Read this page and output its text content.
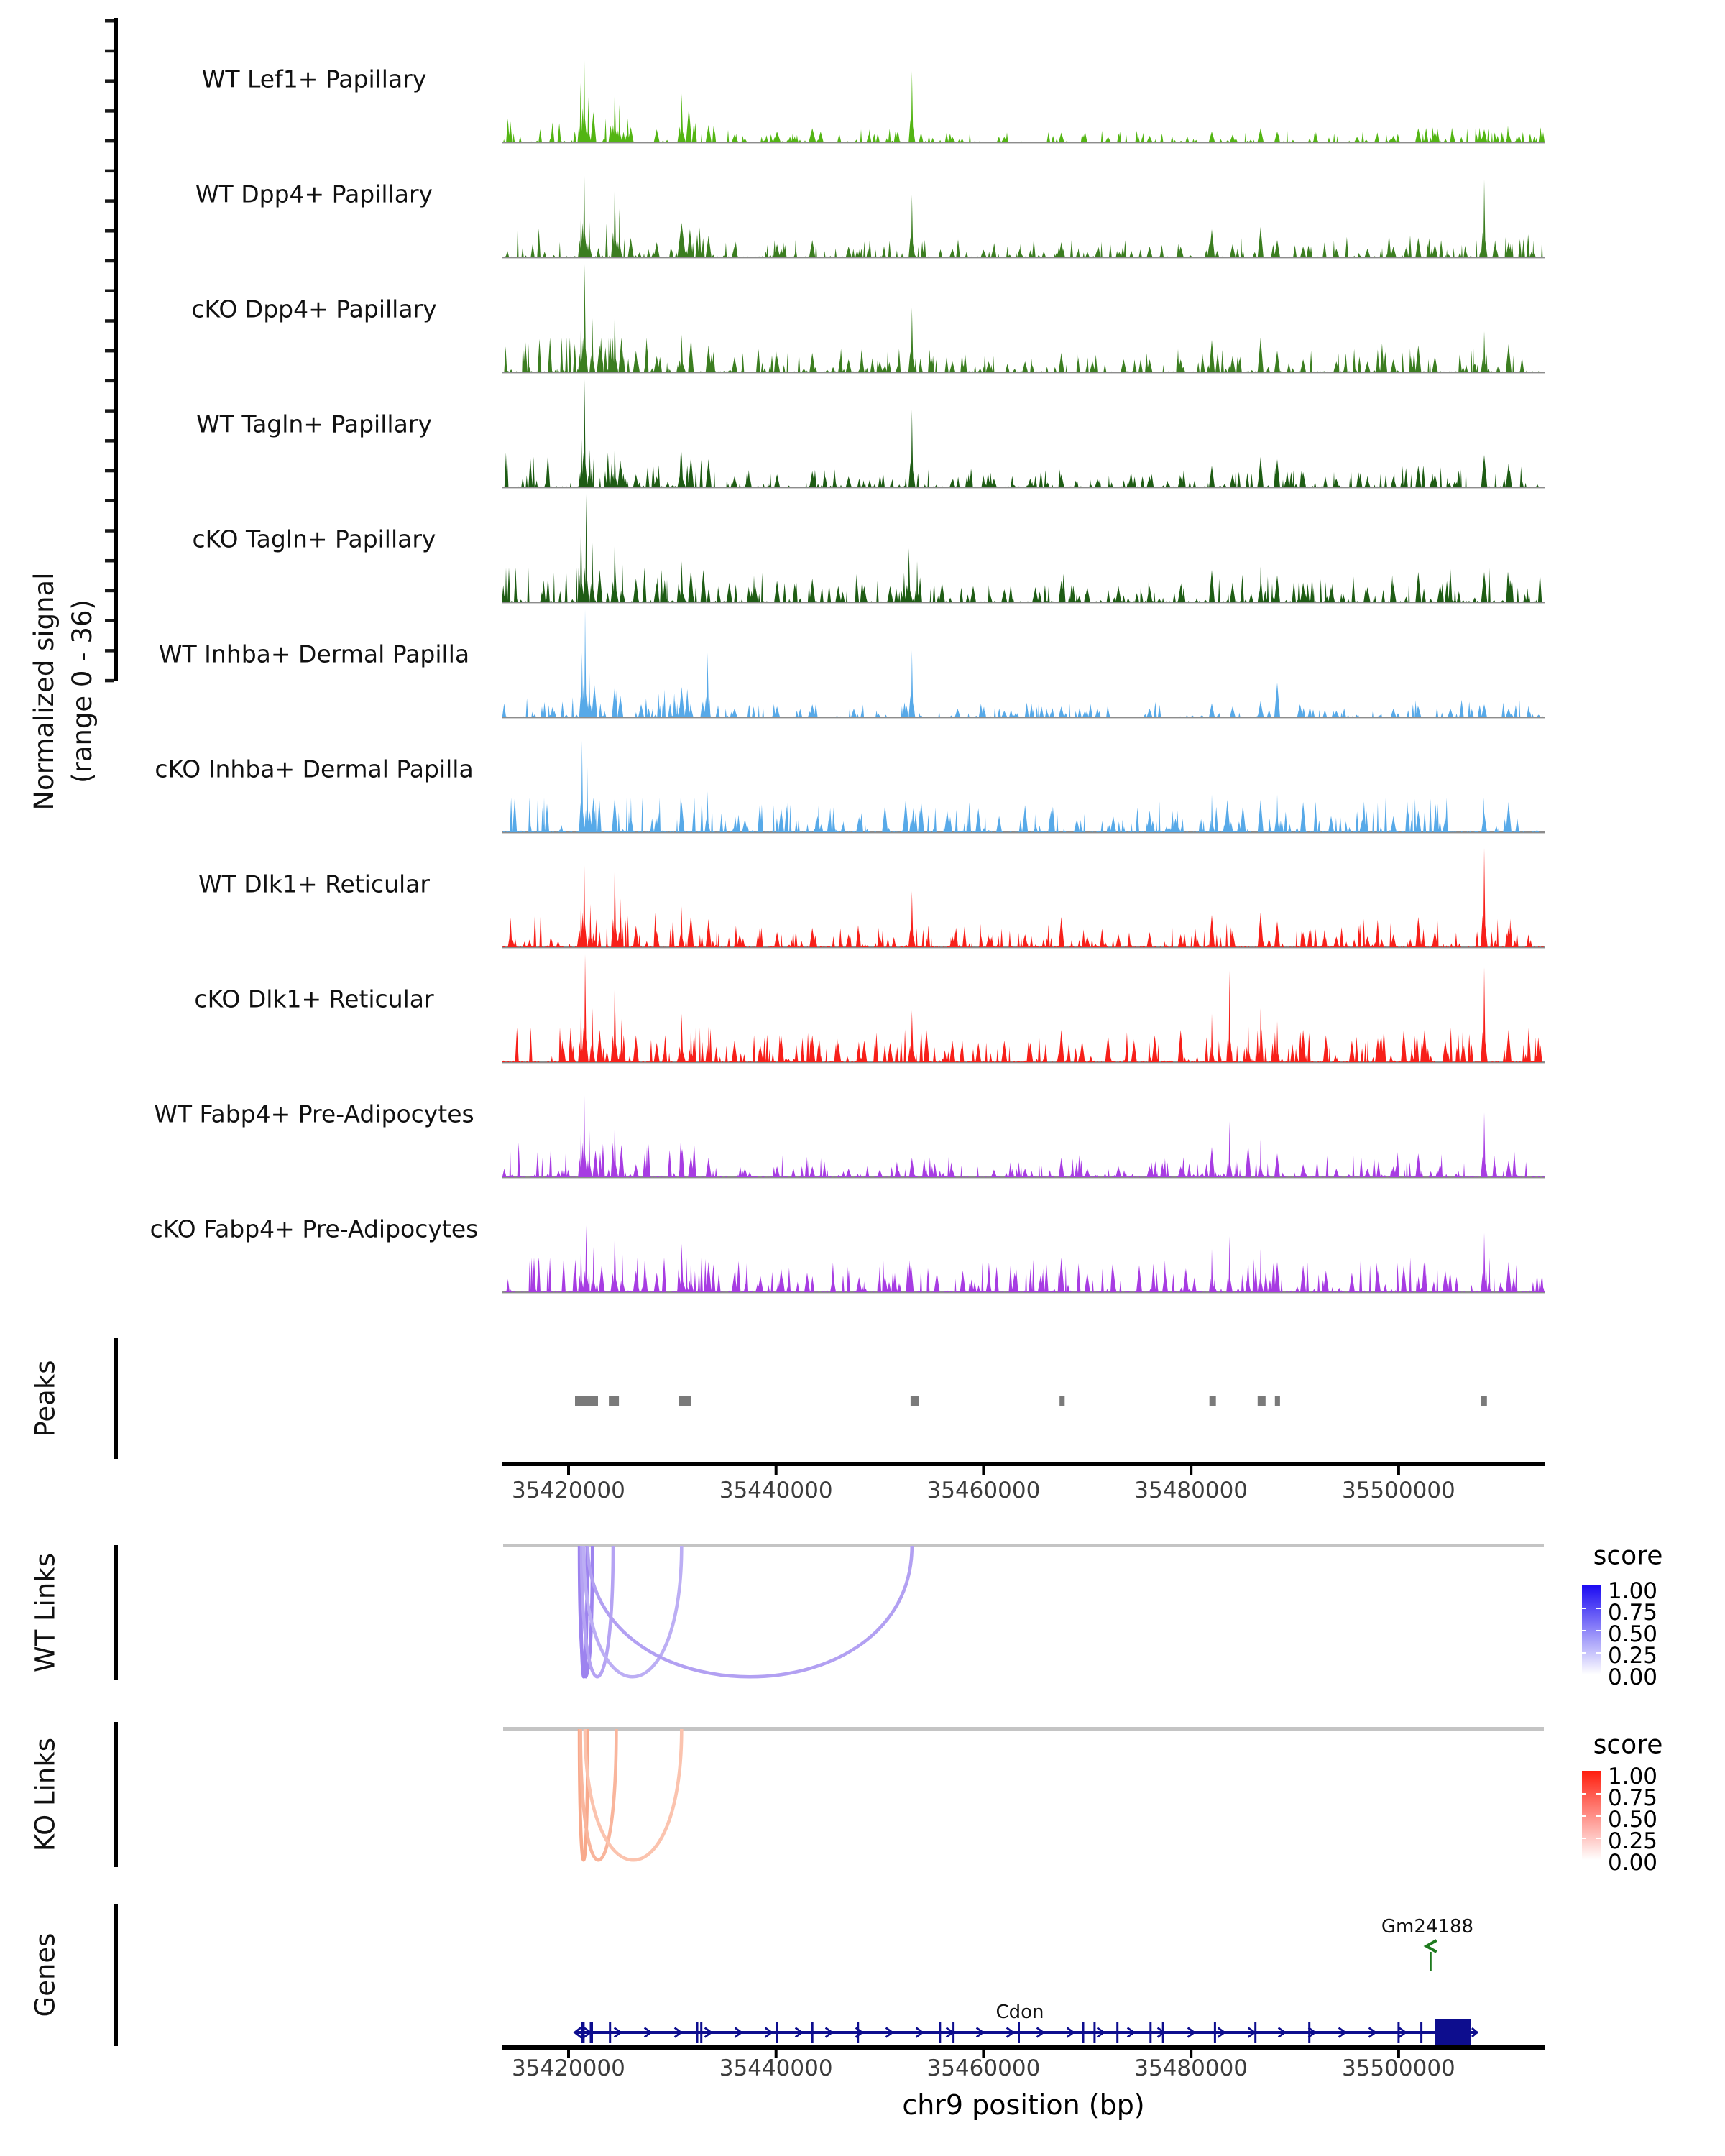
Normalized signal (range 0 - 36)
Peaks
WT Links
KO Links
Genes
score
score
Cdon
Gm24188
chr9 position (bp)
WT Lef1+ Papillary
WT Dpp4+ Papillary
cKO Dpp4+ Papillary
WT Tagln+ Papillary
cKO Tagln+ Papillary
WT Inhba+ Dermal Papilla
cKO Inhba+ Dermal Papilla
WT Dlk1+ Reticular
cKO Dlk1+ Reticular
WT Fabp4+ Pre-Adipocytes
cKO Fabp4+ Pre-Adipocytes
35420000	35440000	35460000	35480000	35500000
35420000	35440000	35460000	35480000	35500000
1.00
0.75
0.50
0.25
0.00
1.00
0.75
0.50
0.25
0.00
